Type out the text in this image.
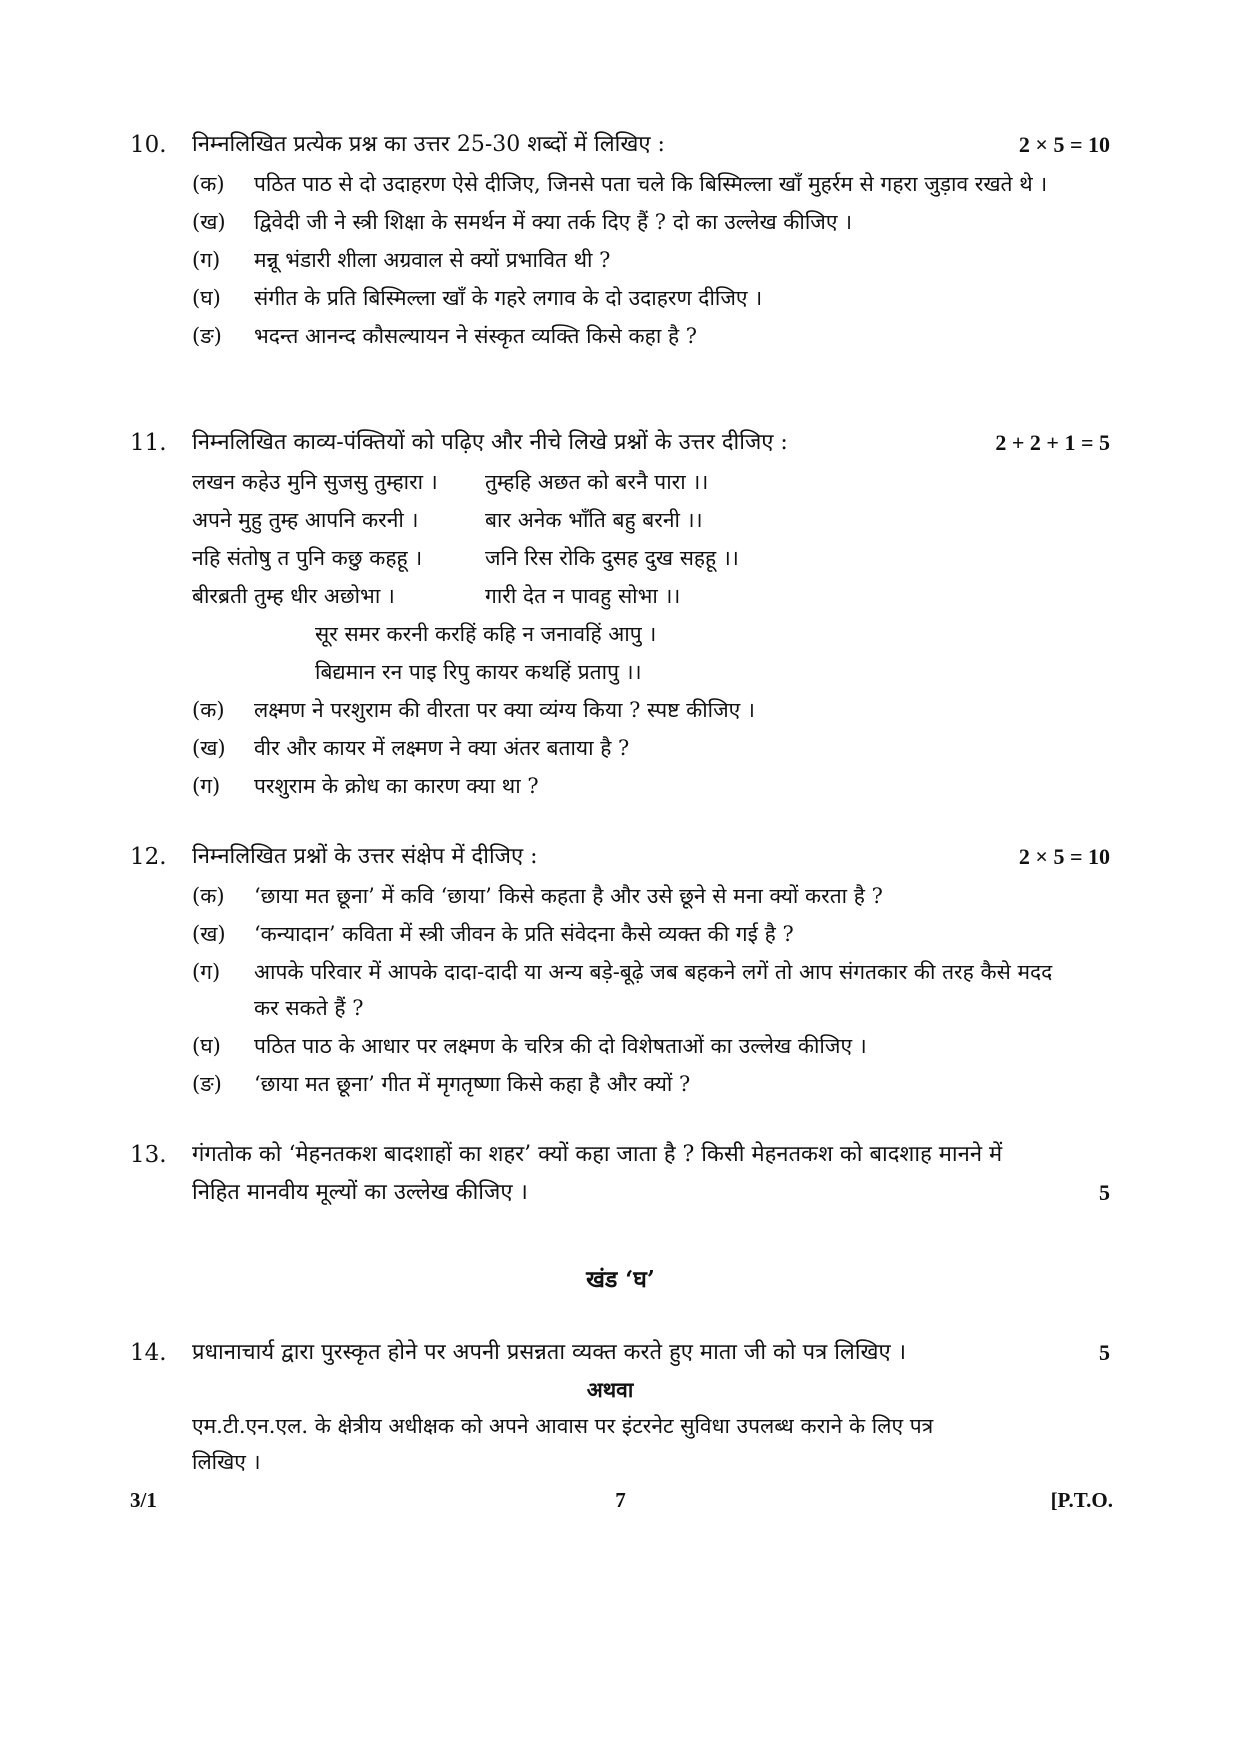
10. निम्नलिखित प्रत्येक प्रश्न का उत्तर 25-30 शब्दों में लिखिए :	2 × 5 = 10
(क) पठित पाठ से दो उदाहरण ऐसे दीजिए, जिनसे पता चले कि बिस्मिल्ला खाँ मुहर्रम से गहरा जुड़ाव रखते थे ।
(ख) द्विवेदी जी ने स्त्री शिक्षा के समर्थन में क्या तर्क दिए हैं ? दो का उल्लेख कीजिए ।
(ग) मन्नू भंडारी शीला अग्रवाल से क्यों प्रभावित थी ?
(घ) संगीत के प्रति बिस्मिल्ला खाँ के गहरे लगाव के दो उदाहरण दीजिए ।
(ङ) भदन्त आनन्द कौसल्यायन ने संस्कृत व्यक्ति किसे कहा है ?
11. निम्नलिखित काव्य-पंक्तियों को पढ़िए और नीचे लिखे प्रश्नों के उत्तर दीजिए :	2 + 2 + 1 = 5
लखन कहेउ मुनि सुजसु तुम्हारा । तुम्हहि अछत को बरनै पारा ।।
अपने मुहु तुम्ह आपनि करनी ।	बार अनेक भाँति बहु बरनी ।।
नहि संतोषु त पुनि कछु कहहू ।	जनि रिस रोकि दुसह दुख सहहू ।।
बीरब्रती तुम्ह धीर अछोभा ।	गारी देत न पावहु सोभा ।।
सूर समर करनी करहिं कहि न जनावहिं आपु ।
बिद्यमान रन पाइ रिपु कायर कथहिं प्रतापु ।।
(क) लक्ष्मण ने परशुराम की वीरता पर क्या व्यंग्य किया ? स्पष्ट कीजिए ।
(ख) वीर और कायर में लक्ष्मण ने क्या अंतर बताया है ?
(ग) परशुराम के क्रोध का कारण क्या था ?
12. निम्नलिखित प्रश्नों के उत्तर संक्षेप में दीजिए :	2 × 5 = 10
(क) ‘छाया मत छूना’ में कवि ‘छाया’ किसे कहता है और उसे छूने से मना क्यों करता है ?
(ख) ‘कन्यादान’ कविता में स्त्री जीवन के प्रति संवेदना कैसे व्यक्त की गई है ?
(ग) आपके परिवार में आपके दादा-दादी या अन्य बड़े-बूढ़े जब बहकने लगें तो आप संगतकार की तरह कैसे मदद कर सकते हैं ?
(घ) पठित पाठ के आधार पर लक्ष्मण के चरित्र की दो विशेषताओं का उल्लेख कीजिए ।
(ङ) ‘छाया मत छूना’ गीत में मृगतृष्णा किसे कहा है और क्यों ?
13. गंगतोक को ‘मेहनतकश बादशाहों का शहर’ क्यों कहा जाता है ? किसी मेहनतकश को बादशाह मानने में
निहित मानवीय मूल्यों का उल्लेख कीजिए ।	5
खंड ‘घ’
14. प्रधानाचार्य द्वारा पुरस्कृत होने पर अपनी प्रसन्नता व्यक्त करते हुए माता जी को पत्र लिखिए ।	5
अथवा
एम.टी.एन.एल. के क्षेत्रीय अधीक्षक को अपने आवास पर इंटरनेट सुविधा उपलब्ध कराने के लिए पत्र
लिखिए ।
3/1	7	[P.T.O.
